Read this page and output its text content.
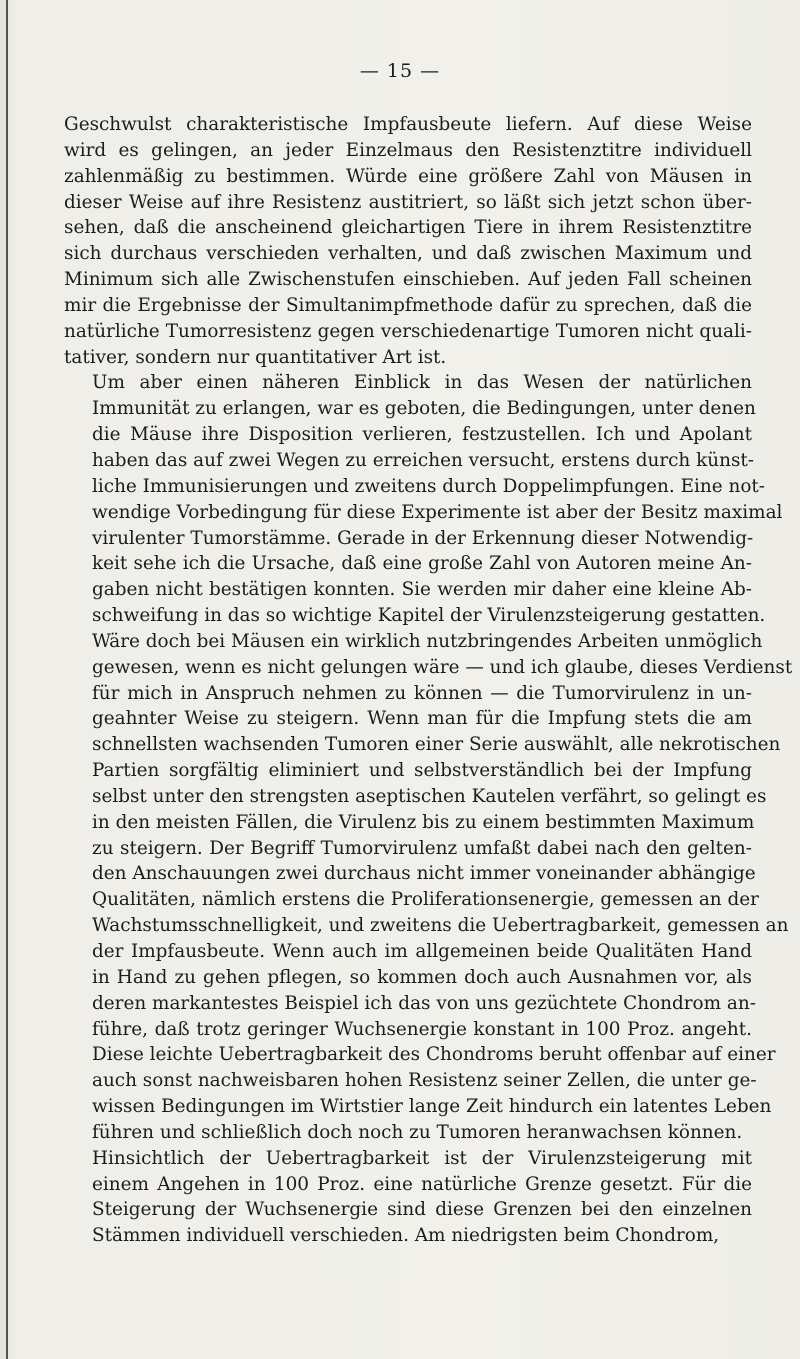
— 15 —

Geschwulst charakteristische Impfausbeute liefern. Auf diese Weise
wird es gelingen, an jeder Einzelmaus den Resistenztitre individuell
zahlenmäßig zu bestimmen. Würde eine größere Zahl von Mäusen in
dieser Weise auf ihre Resistenz austitriert, so läßt sich jetzt schon über-
sehen, daß die anscheinend gleichartigen Tiere in ihrem Resistenztitre
sich durchaus verschieden verhalten, und daß zwischen Maximum und
Minimum sich alle Zwischenstufen einschieben. Auf jeden Fall scheinen
mir die Ergebnisse der Simultanimpfmethode dafür zu sprechen, daß die
natürliche Tumorresistenz gegen verschiedenartige Tumoren nicht quali-
tativer, sondern nur quantitativer Art ist.

Um aber einen näheren Einblick in das Wesen der natürlichen
Immunität zu erlangen, war es geboten, die Bedingungen, unter denen
die Mäuse ihre Disposition verlieren, festzustellen. Ich und Apolant
haben das auf zwei Wegen zu erreichen versucht, erstens durch künst-
liche Immunisierungen und zweitens durch Doppelimpfungen. Eine not-
wendige Vorbedingung für diese Experimente ist aber der Besitz maximal
virulenter Tumorstämme. Gerade in der Erkennung dieser Notwendig-
keit sehe ich die Ursache, daß eine große Zahl von Autoren meine An-
gaben nicht bestätigen konnten. Sie werden mir daher eine kleine Ab-
schweifung in das so wichtige Kapitel der Virulenzsteigerung gestatten.
Wäre doch bei Mäusen ein wirklich nutzbringendes Arbeiten unmöglich
gewesen, wenn es nicht gelungen wäre — und ich glaube, dieses Verdienst
für mich in Anspruch nehmen zu können — die Tumorvirulenz in un-
geahnter Weise zu steigern. Wenn man für die Impfung stets die am
schnellsten wachsenden Tumoren einer Serie auswählt, alle nekrotischen
Partien sorgfältig eliminiert und selbstverständlich bei der Impfung
selbst unter den strengsten aseptischen Kautelen verfährt, so gelingt es
in den meisten Fällen, die Virulenz bis zu einem bestimmten Maximum
zu steigern. Der Begriff Tumorvirulenz umfaßt dabei nach den gelten-
den Anschauungen zwei durchaus nicht immer voneinander abhängige
Qualitäten, nämlich erstens die Proliferationsenergie, gemessen an der
Wachstumsschnelligkeit, und zweitens die Uebertragbarkeit, gemessen an
der Impfausbeute. Wenn auch im allgemeinen beide Qualitäten Hand
in Hand zu gehen pflegen, so kommen doch auch Ausnahmen vor, als
deren markantestes Beispiel ich das von uns gezüchtete Chondrom an-
führe, daß trotz geringer Wuchsenergie konstant in 100 Proz. angeht.
Diese leichte Uebertragbarkeit des Chondroms beruht offenbar auf einer
auch sonst nachweisbaren hohen Resistenz seiner Zellen, die unter ge-
wissen Bedingungen im Wirtstier lange Zeit hindurch ein latentes Leben
führen und schließlich doch noch zu Tumoren heranwachsen können.

Hinsichtlich der Uebertragbarkeit ist der Virulenzsteigerung mit
einem Angehen in 100 Proz. eine natürliche Grenze gesetzt. Für die
Steigerung der Wuchsenergie sind diese Grenzen bei den einzelnen
Stämmen individuell verschieden. Am niedrigsten beim Chondrom,
